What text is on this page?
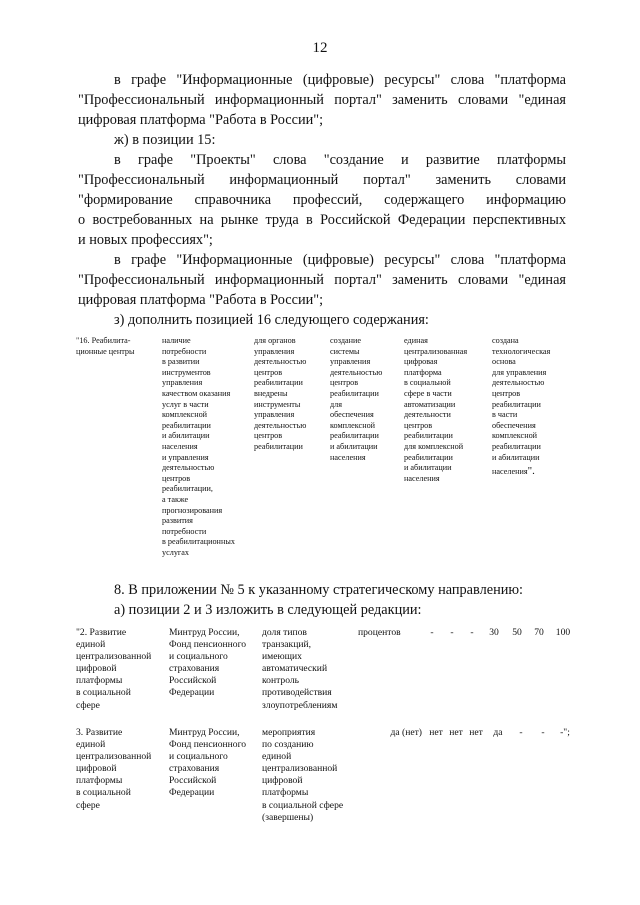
12

в графе "Информационные (цифровые) ресурсы" слова "платформа

"Профессиональный информационный портал" заменить словами "единая

цифровая платформа "Работа в России";

ж) в позиции 15:

в графе "Проекты" слова "создание и развитие платформы

"Профессиональный информационный портал" заменить словами

"формирование справочника профессий, содержащего информацию

о востребованных на рынке труда в Российской Федерации перспективных

и новых профессиях";

в графе "Информационные (цифровые) ресурсы" слова "платформа

"Профессиональный информационный портал" заменить словами "единая

цифровая платформа "Работа в России";

з) дополнить позицией 16 следующего содержания:

"16. Реабилита-
ционные центры
наличие
потребности
в развитии
инструментов
управления
качеством оказания
услуг в части
комплексной
реабилитации
и абилитации
населения
и управления
деятельностью
центров
реабилитации,
а также
прогнозирования
развития
потребности
в реабилитационных
услугах
для органов
управления
деятельностью
центров
реабилитации
внедрены
инструменты
управления
деятельностью
центров
реабилитации
создание
системы
управления
деятельностью
центров
реабилитации
для
обеспечения
комплексной
реабилитации
и абилитации
населения
единая
централизованная
цифровая
платформа
в социальной
сфере в части
автоматизации
деятельности
центров
реабилитации
для комплексной
реабилитации
и абилитации
населения
создана
технологическая
основа
для управления
деятельностью
центров
реабилитации
в части
обеспечения
комплексной
реабилитации
и абилитации
населения".

8. В приложении № 5 к указанному стратегическому направлению:

а) позиции 2 и 3 изложить в следующей редакции:

"2. Развитие
единой
централизованной
цифровой
платформы
в социальной
сфере
Минтруд России,
Фонд пенсионного
и социального
страхования
Российской
Федерации
доля типов
транзакций,
имеющих
автоматический
контроль
противодействия
злоупотреблениям
процентов	- - - 30 50 70 100
3. Развитие
единой
централизованной
цифровой
платформы
в социальной
сфере
Минтруд России,
Фонд пенсионного
и социального
страхования
Российской
Федерации
мероприятия
по созданию
единой
централизованной
цифровой
платформы
в социальной сфере
(завершены)
да (нет) нет нет нет да - - -";
